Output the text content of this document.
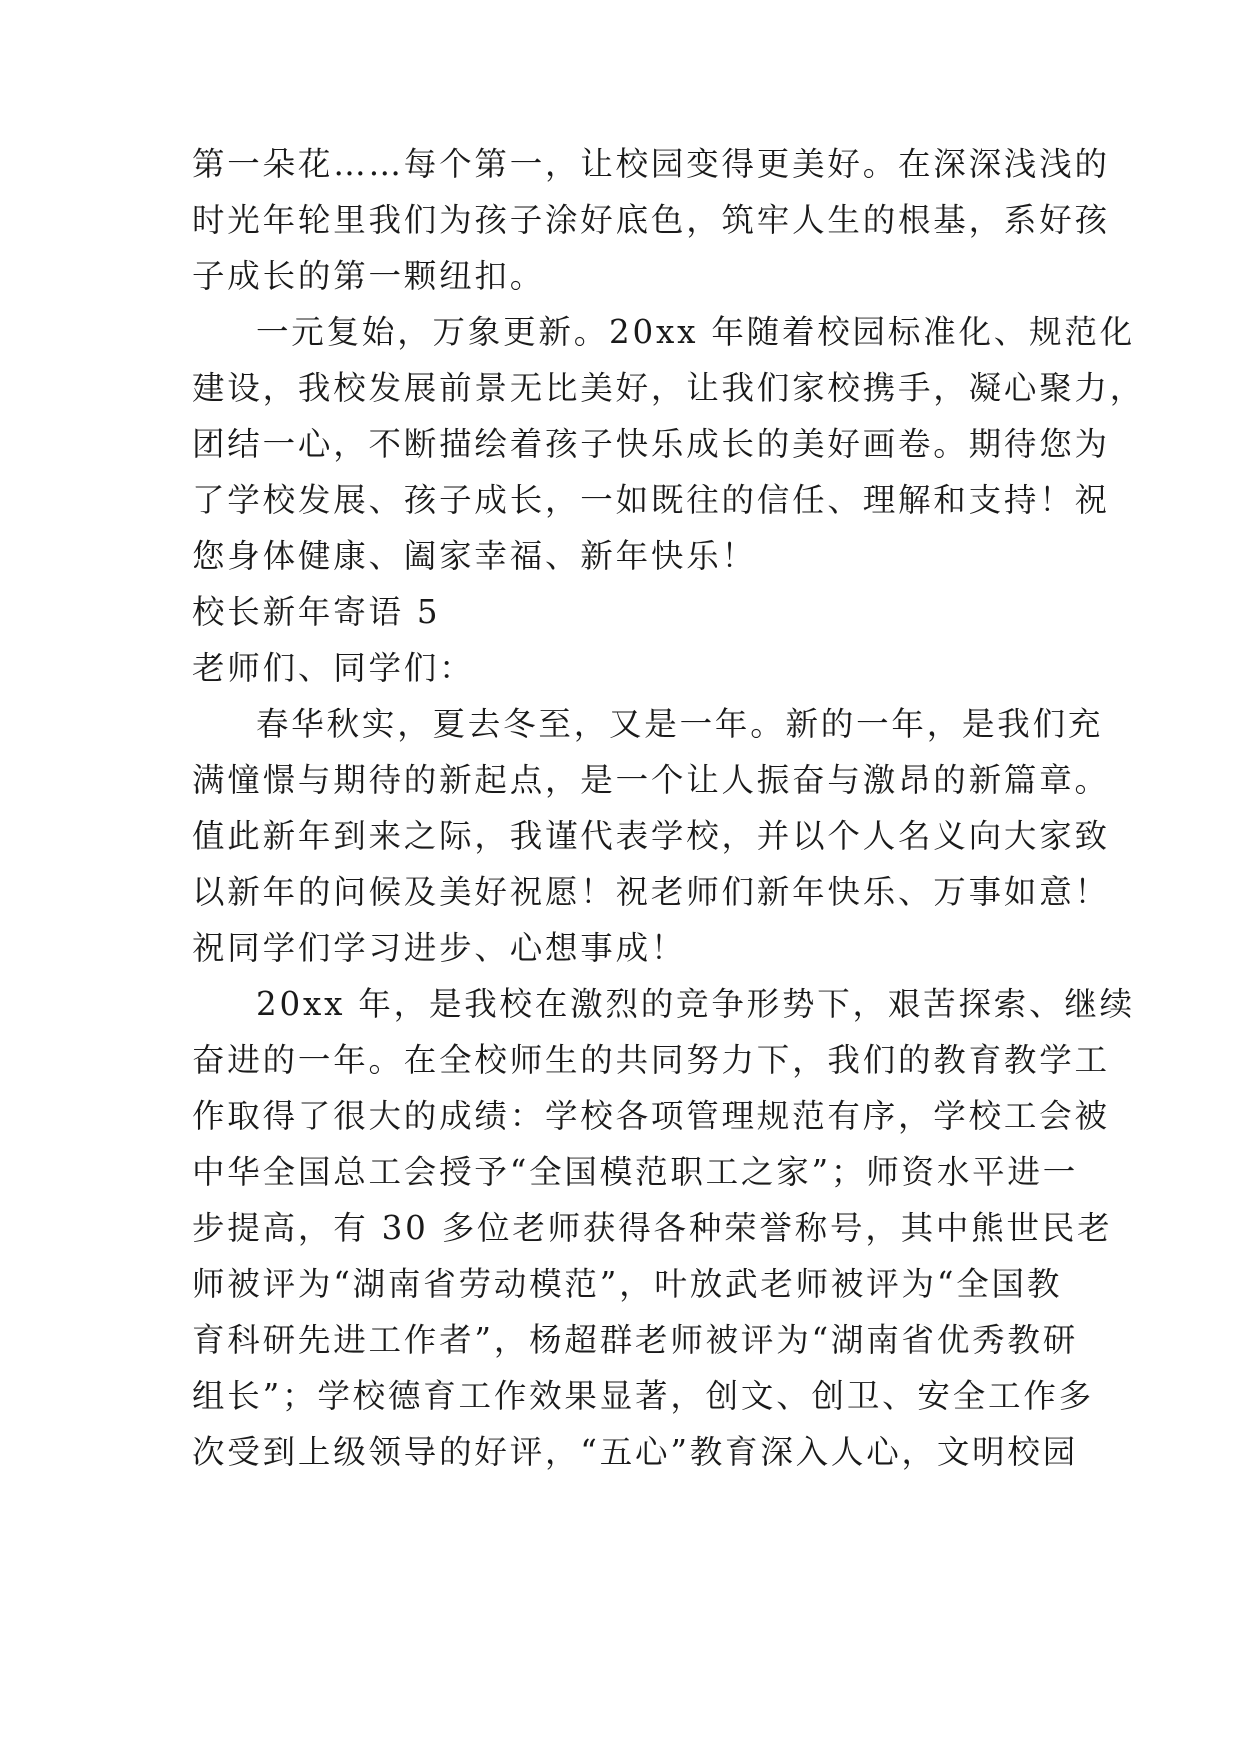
第一朵花……每个第一，让校园变得更美好。在深深浅浅的
时光年轮里我们为孩子涂好底色，筑牢人生的根基，系好孩
子成长的第一颗纽扣。
一元复始，万象更新。20xx 年随着校园标准化、规范化
建设，我校发展前景无比美好，让我们家校携手，凝心聚力，
团结一心，不断描绘着孩子快乐成长的美好画卷。期待您为
了学校发展、孩子成长，一如既往的信任、理解和支持！祝
您身体健康、阖家幸福、新年快乐！
校长新年寄语 5
老师们、同学们：
春华秋实，夏去冬至，又是一年。新的一年，是我们充
满憧憬与期待的新起点，是一个让人振奋与激昂的新篇章。
值此新年到来之际，我谨代表学校，并以个人名义向大家致
以新年的问候及美好祝愿！祝老师们新年快乐、万事如意！
祝同学们学习进步、心想事成！
20xx 年，是我校在激烈的竞争形势下，艰苦探索、继续
奋进的一年。在全校师生的共同努力下，我们的教育教学工
作取得了很大的成绩：学校各项管理规范有序，学校工会被
中华全国总工会授予“全国模范职工之家”；师资水平进一
步提高，有 30 多位老师获得各种荣誉称号，其中熊世民老
师被评为“湖南省劳动模范”，叶放武老师被评为“全国教
育科研先进工作者”，杨超群老师被评为“湖南省优秀教研
组长”；学校德育工作效果显著，创文、创卫、安全工作多
次受到上级领导的好评，“五心”教育深入人心，文明校园
